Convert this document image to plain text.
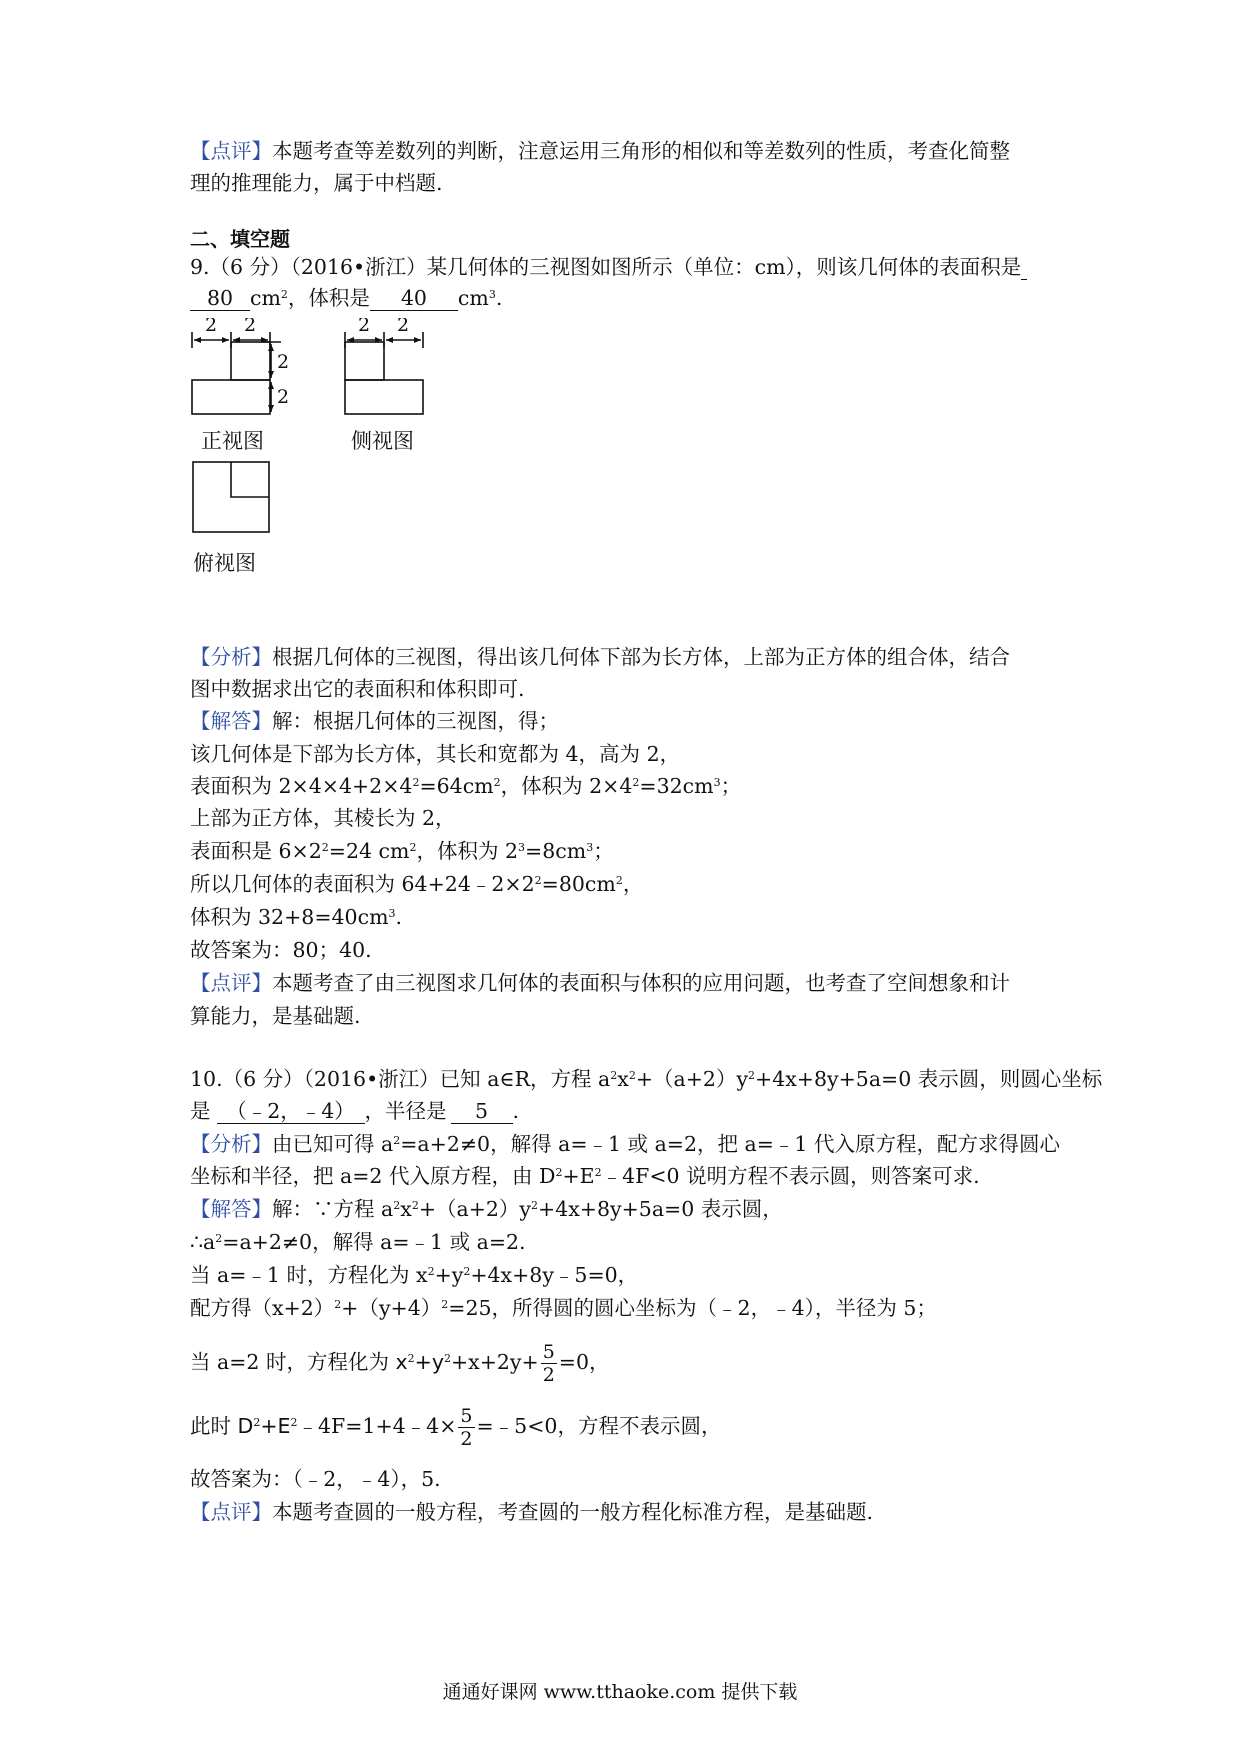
【点评】本题考查等差数列的判断，注意运用三角形的相似和等差数列的性质，考查化简整
理的推理能力，属于中档题.
二、填空题
9.（6 分）（2016•浙江）某几何体的三视图如图所示（单位：cm），则该几何体的表面积是
80 $cm^2$，体积是 40 $cm^3$.
2 2
2
2
2 2
正视图	侧视图
俯视图
【分析】根据几何体的三视图，得出该几何体下部为长方体，上部为正方体的组合体，结合
图中数据求出它的表面积和体积即可.
【解答】解：根据几何体的三视图，得；
该几何体是下部为长方体，其长和宽都为 4，高为 2，
表面积为 $2\times 4\times 4+2\times 4^2=64cm^2$，体积为 $2\times 4^2=32cm^3$；
上部为正方体，其棱长为 2，
表面积是 $6\times 2^2=24$ $cm^2$，体积为 $2^3=8cm^3$；
所以几何体的表面积为 $64+24﹣2\times 2^2=80cm^2$，
体积为 $32+8=40cm^3$.
故答案为：80；40.
【点评】本题考查了由三视图求几何体的表面积与体积的应用问题，也考查了空间想象和计
算能力，是基础题.
10.（6 分）（2016•浙江）已知 a∈R，方程 $a^2x^2+(a+2)y^2+4x+8y+5a=0$ 表示圆，则圆心坐标
是 （﹣2，﹣4） ，半径是 5 .
【分析】由已知可得 $a^2=a+2\ne 0$，解得 a=﹣1 或 a=2，把 a=﹣1 代入原方程，配方求得圆心
坐标和半径，把 a=2 代入原方程，由 $D^2+E^2﹣4F<0$ 说明方程不表示圆，则答案可求.
【解答】解：∵方程 $a^2x^2+(a+2)y^2+4x+8y+5a=0$ 表示圆，
$\therefore a^2=a+2\ne 0$，解得 a=﹣1 或 a=2.
当 a=﹣1 时，方程化为 $x^2+y^2+4x+8y﹣5=0$，
配方得$(x+2)^2+(y+4)^2=25$，所得圆的圆心坐标为（﹣2，﹣4），半径为 5；
当 a=2 时，方程化为 $x^2+y^2+x+2y+ \frac{5}{2} =0$，
此时 $D^2+E^2﹣4F=1+4﹣4\times \frac{5}{2}$ =﹣5<0，方程不表示圆，
故答案为：（﹣2，﹣4），5.
【点评】本题考查圆的一般方程，考查圆的一般方程化标准方程，是基础题.
通通好课网 www.tthaoke.com 提供下载
